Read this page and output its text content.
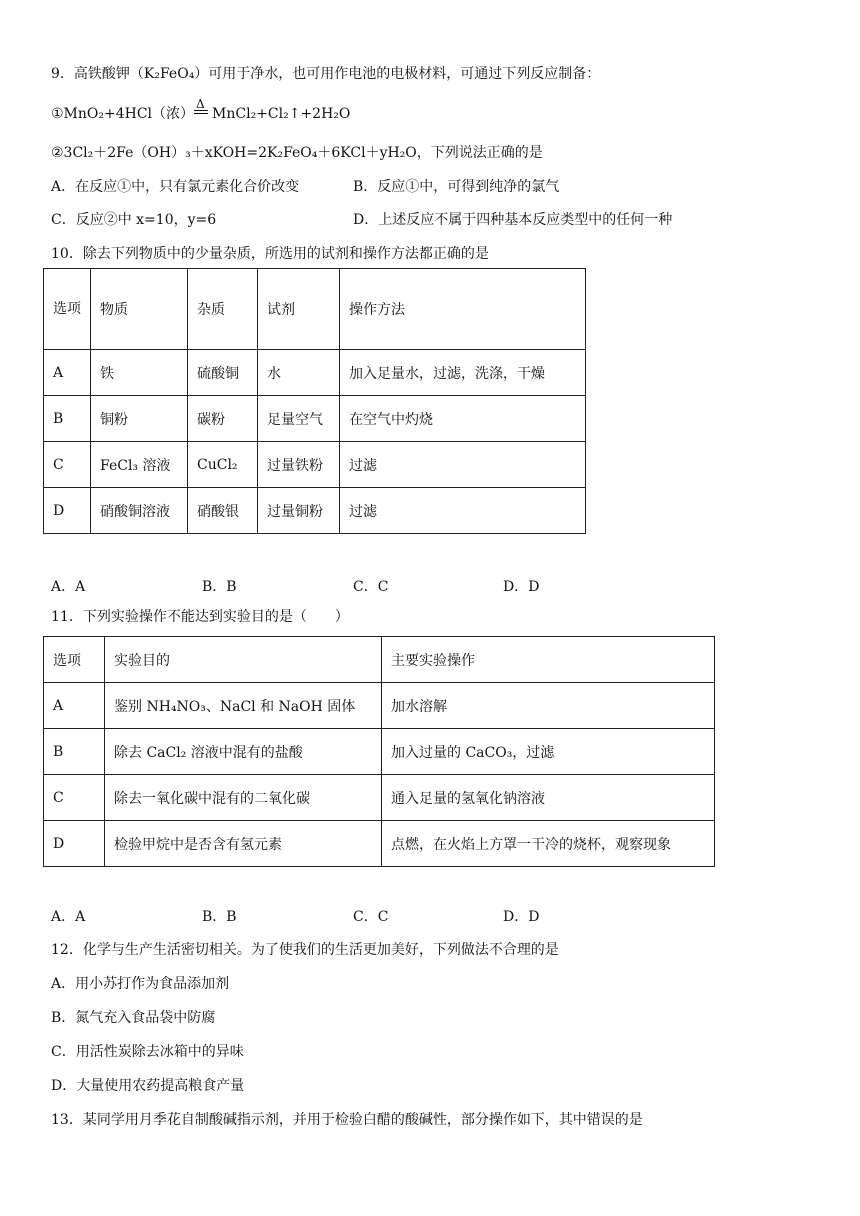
9．高铁酸钾（K₂FeO₄）可用于净水，也可用作电池的电极材料，可通过下列反应制备：
①MnO₂+4HCl（浓）
Δ
MnCl₂+Cl₂↑+2H₂O
②3Cl₂＋2Fe（OH）₃＋xKOH=2K₂FeO₄＋6KCl＋yH₂O，下列说法正确的是
A．在反应①中，只有氯元素化合价改变	B．反应①中，可得到纯净的氯气
C．反应②中 x=10，y=6	D．上述反应不属于四种基本反应类型中的任何一种
10．除去下列物质中的少量杂质，所选用的试剂和操作方法都正确的是
选项	物质	杂质	试剂	操作方法
A	铁	硫酸铜	水	加入足量水，过滤，洗涤，干燥
B	铜粉	碳粉	足量空气	在空气中灼烧
C	FeCl₃ 溶液	CuCl₂	过量铁粉	过滤
D	硝酸铜溶液	硝酸银	过量铜粉	过滤
A．A	B．B	C．C	D．D
11．下列实验操作不能达到实验目的是（　　）
选项	实验目的	主要实验操作
A	鉴别 NH₄NO₃、NaCl 和 NaOH 固体	加水溶解
B	除去 CaCl₂ 溶液中混有的盐酸	加入过量的 CaCO₃，过滤
C	除去一氧化碳中混有的二氧化碳	通入足量的氢氧化钠溶液
D	检验甲烷中是否含有氢元素	点燃，在火焰上方罩一干冷的烧杯，观察现象
A．A	B．B	C．C	D．D
12．化学与生产生活密切相关。为了使我们的生活更加美好，下列做法不合理的是
A．用小苏打作为食品添加剂
B．氮气充入食品袋中防腐
C．用活性炭除去冰箱中的异味
D．大量使用农药提高粮食产量
13．某同学用月季花自制酸碱指示剂，并用于检验白醋的酸碱性，部分操作如下，其中错误的是
